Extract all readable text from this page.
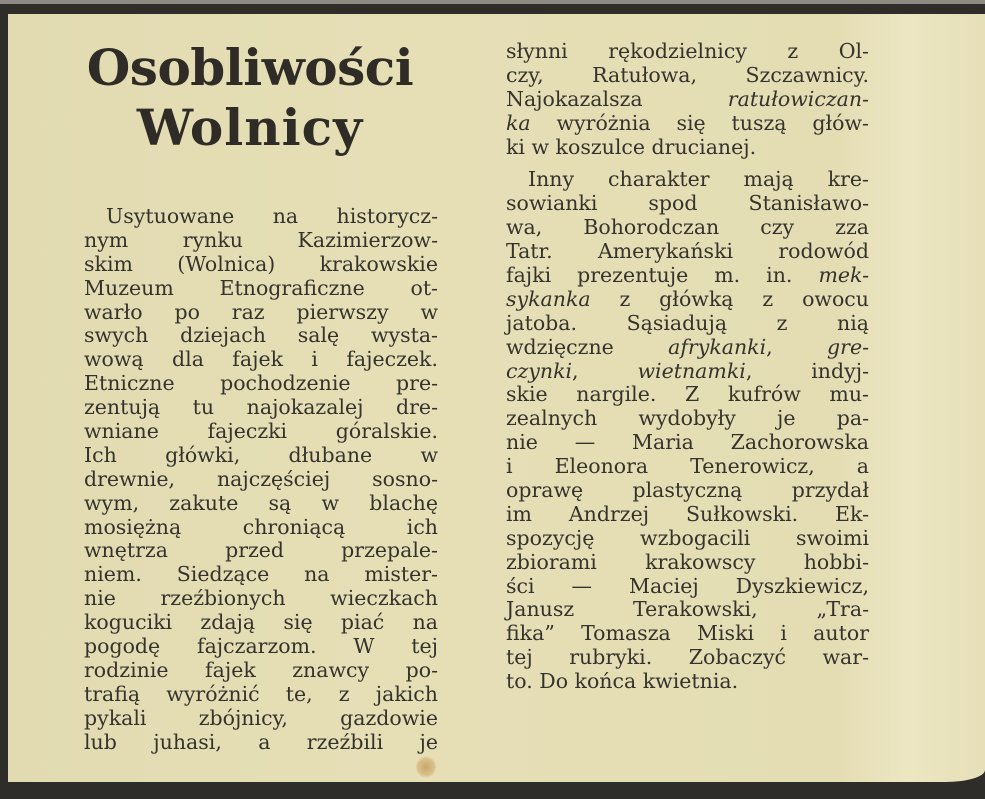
Osobliwości
Wolnicy
Usytuowane na historycz-
nym rynku Kazimierzow-
skim (Wolnica) krakowskie
Muzeum Etnograficzne ot-
warło po raz pierwszy w
swych dziejach salę wysta-
wową dla fajek i fajeczek.
Etniczne pochodzenie pre-
zentują tu najokazalej dre-
wniane fajeczki góralskie.
Ich główki, dłubane w
drewnie, najczęściej sosno-
wym, zakute są w blachę
mosiężną chroniącą ich
wnętrza przed przepale-
niem. Siedzące na mister-
nie rzeźbionych wieczkach
koguciki zdają się piać na
pogodę fajczarzom. W tej
rodzinie fajek znawcy po-
trafią wyróżnić te, z jakich
pykali zbójnicy, gazdowie
lub juhasi, a rzeźbili je
słynni rękodzielnicy z Ol-
czy, Ratułowa, Szczawnicy.
Najokazalsza ratułowiczan-
ka wyróżnia się tuszą głów-
ki w koszulce drucianej.
Inny charakter mają kre-
sowianki spod Stanisławo-
wa, Bohorodczan czy zza
Tatr. Amerykański rodowód
fajki prezentuje m. in. mek-
sykanka z główką z owocu
jatoba. Sąsiadują z nią
wdzięczne afrykanki, gre-
czynki, wietnamki, indyj-
skie nargile. Z kufrów mu-
zealnych wydobyły je pa-
nie — Maria Zachorowska
i Eleonora Tenerowicz, a
oprawę plastyczną przydał
im Andrzej Sułkowski. Ek-
spozycję wzbogacili swoimi
zbiorami krakowscy hobbi-
ści — Maciej Dyszkiewicz,
Janusz Terakowski, „Tra-
fika” Tomasza Miski i autor
tej rubryki. Zobaczyć war-
to. Do końca kwietnia.
